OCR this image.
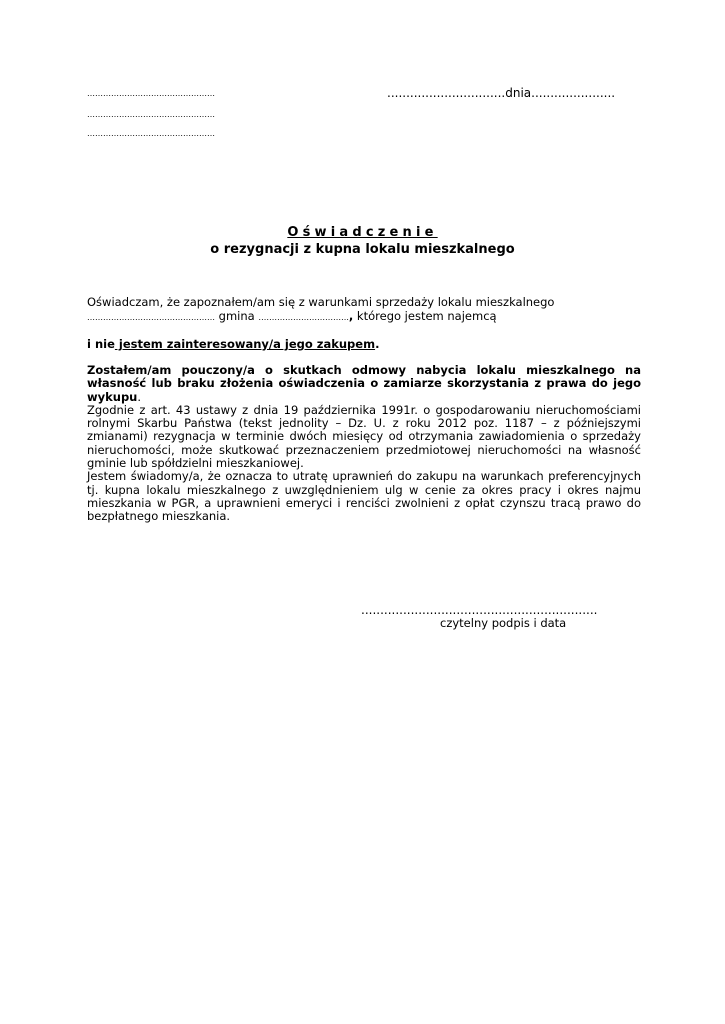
…………………………………………
…………………………………………
…………………………………………
...............................dnia......................
Oświadczenie
o rezygnacji z kupna lokalu mieszkalnego
Oświadczam, że zapoznałem/am się z warunkami sprzedaży lokalu mieszkalnego
………………………………………… gmina ……………………………., którego jestem najemcą
i nie jestem zainteresowany/a jego zakupem.
Zostałem/am pouczony/a o skutkach odmowy nabycia lokalu mieszkalnego na własność lub braku złożenia oświadczenia o zamiarze skorzystania z prawa do jego wykupu.
Zgodnie z art. 43 ustawy z dnia 19 października 1991r. o gospodarowaniu nieruchomościami rolnymi Skarbu Państwa (tekst jednolity – Dz. U. z roku 2012 poz. 1187 – z późniejszymi zmianami) rezygnacja w terminie dwóch miesięcy od otrzymania zawiadomienia o sprzedaży nieruchomości, może skutkować przeznaczeniem przedmiotowej nieruchomości na własność gminie lub spółdzielni mieszkaniowej.
Jestem świadomy/a, że oznacza to utratę uprawnień do zakupu na warunkach preferencyjnych tj. kupna lokalu mieszkalnego z uwzględnieniem ulg w cenie za okres pracy i okres najmu mieszkania w PGR, a uprawnieni emeryci i renciści zwolnieni z opłat czynszu tracą prawo do bezpłatnego mieszkania.
..............................................................
czytelny podpis i data
